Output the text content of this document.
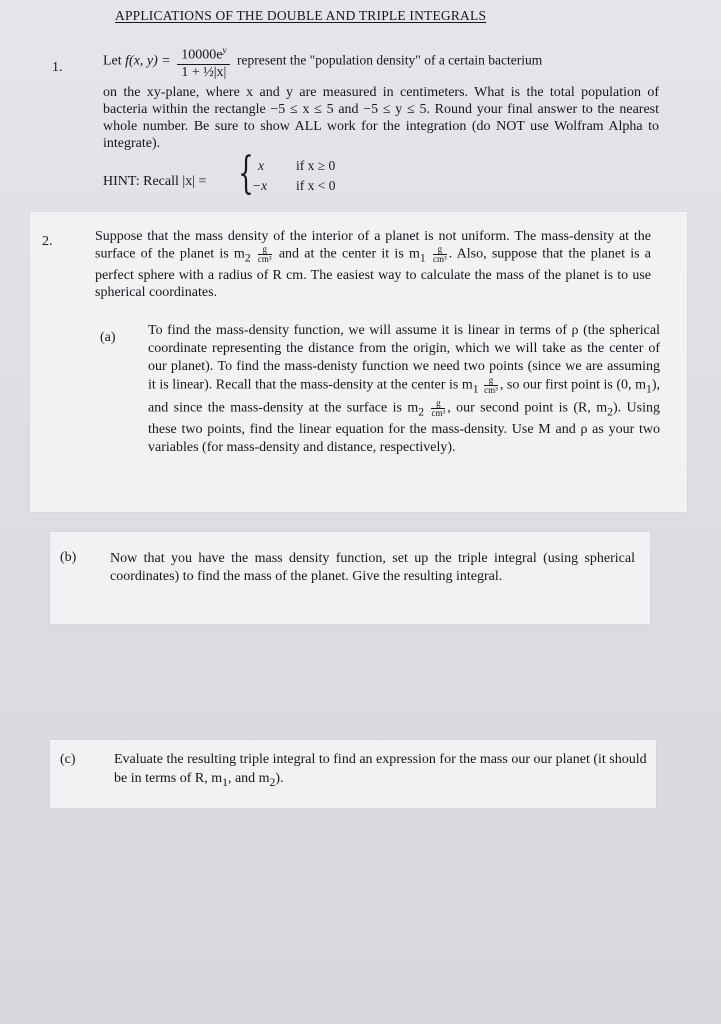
APPLICATIONS OF THE DOUBLE AND TRIPLE INTEGRALS
1.	Let f(x, $y) = \frac{10000e^y}{\text{1 + ½|x|}}$ represent the "population density" of a certain bacterium
on the xy-plane, where x and y are measured in centimeters. What is the total population of bacteria within the rectangle −5 ≤ x ≤ 5 and −5 ≤ y ≤ 5. Round your final answer to the nearest whole number. Be sure to show ALL work for the integration (do NOT use Wolfram Alpha to integrate).
HINT: Recall |x| = { x if x ≥ 0
−x if x < 0
2.	Suppose that the mass density of the interior of a planet is not uniform. The mass-density at the surface of the planet is $m_2 \frac{g}{\text{cm³}}$ and at the center it is $m_1 \frac{g}{\text{cm³}}$ . Also, suppose that the planet is a perfect sphere with a radius of R cm. The easiest way to calculate the mass of the planet is to use spherical coordinates.
(a) To find the mass-density function, we will assume it is linear in terms of ρ (the spherical coordinate representing the distance from the origin, which we will take as the center of our planet). To find the mass-denisty function we need two points (since we are assuming it is linear). Recall that the mass-density at the center is $m_1 \frac{g}{\text{cm³}}$ , so our first point is (0, $m_1$), and since the mass-density at the surface is $m_2 \frac{g}{\text{cm³}}$ , our second point is (R, $m_2$). Using these two points, find the linear equation for the mass-density. Use M and ρ as your two variables (for mass-density and distance, respectively).
(b) Now that you have the mass density function, set up the triple integral (using spherical coordinates) to find the mass of the planet. Give the resulting integral.
(c)	Evaluate the resulting triple integral to find an expression for the mass our our planet (it should be in terms of R, $m_1$, and $m_2$).
